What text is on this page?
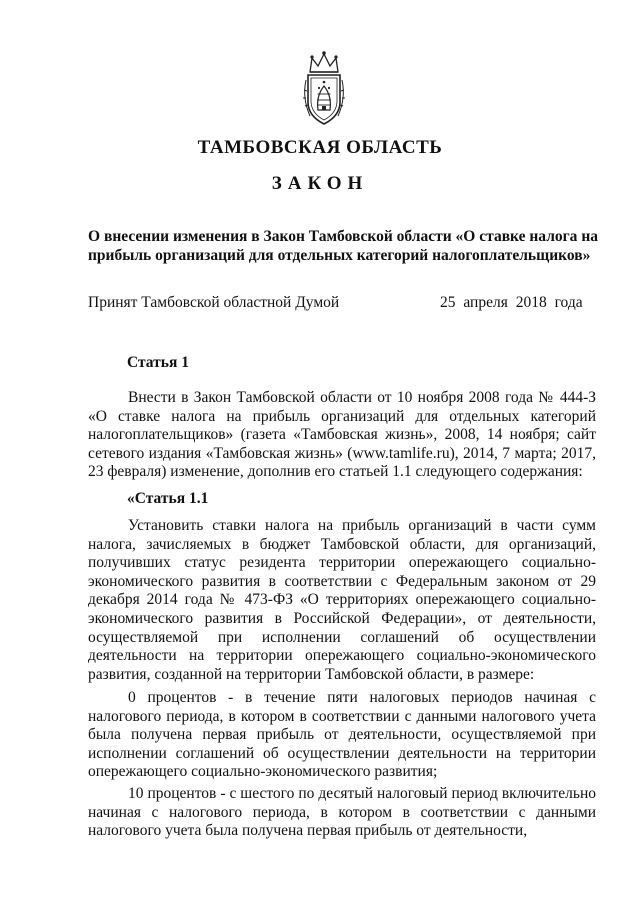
ТАМБОВСКАЯ ОБЛАСТЬ
ЗАКОН
О внесении изменения в Закон Тамбовской области «О ставке налога на прибыль организаций для отдельных категорий налогоплательщиков»
Принят Тамбовской областной Думой	25 апреля 2018 года
Статья 1

Внести в Закон Тамбовской области от 10 ноября 2008 года № 444-З «О ставке налога на прибыль организаций для отдельных категорий налогоплательщиков» (газета «Тамбовская жизнь», 2008, 14 ноября; сайт сетевого издания «Тамбовская жизнь» (www.tamlife.ru), 2014, 7 марта; 2017, 23 февраля) изменение, дополнив его статьей 1.1 следующего содержания:

«Статья 1.1

Установить ставки налога на прибыль организаций в части сумм налога, зачисляемых в бюджет Тамбовской области, для организаций, получивших статус резидента территории опережающего социально-экономического развития в соответствии с Федеральным законом от 29 декабря 2014 года № 473-ФЗ «О территориях опережающего социально-экономического развития в Российской Федерации», от деятельности, осуществляемой при исполнении соглашений об осуществлении деятельности на территории опережающего социально-экономического развития, созданной на территории Тамбовской области, в размере:

0 процентов - в течение пяти налоговых периодов начиная с налогового периода, в котором в соответствии с данными налогового учета была получена первая прибыль от деятельности, осуществляемой при исполнении соглашений об осуществлении деятельности на территории опережающего социально-экономического развития;

10 процентов - с шестого по десятый налоговый период включительно начиная с налогового периода, в котором в соответствии с данными налогового учета была получена первая прибыль от деятельности,
